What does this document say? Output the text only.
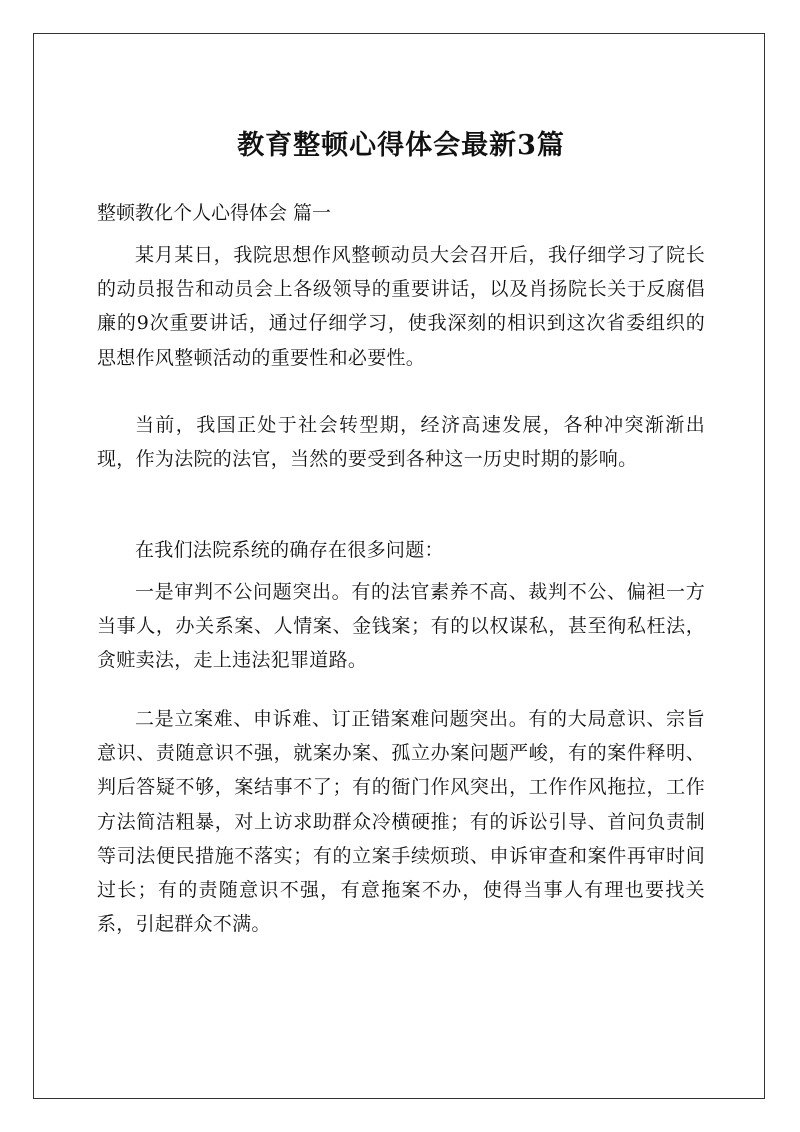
教育整顿心得体会最新3篇

整顿教化个人心得体会 篇一

某月某日，我院思想作风整顿动员大会召开后，我仔细学习了院长的动员报告和动员会上各级领导的重要讲话，以及肖扬院长关于反腐倡廉的9次重要讲话，通过仔细学习，使我深刻的相识到这次省委组织的思想作风整顿活动的重要性和必要性。

当前，我国正处于社会转型期，经济高速发展，各种冲突渐渐出现，作为法院的法官，当然的要受到各种这一历史时期的影响。

在我们法院系统的确存在很多问题：

一是审判不公问题突出。有的法官素养不高、裁判不公、偏袒一方当事人，办关系案、人情案、金钱案；有的以权谋私，甚至徇私枉法，贪赃卖法，走上违法犯罪道路。

二是立案难、申诉难、订正错案难问题突出。有的大局意识、宗旨意识、责随意识不强，就案办案、孤立办案问题严峻，有的案件释明、判后答疑不够，案结事不了；有的衙门作风突出，工作作风拖拉，工作方法简洁粗暴，对上访求助群众冷横硬推；有的诉讼引导、首问负责制等司法便民措施不落实；有的立案手续烦琐、申诉审查和案件再审时间过长；有的责随意识不强，有意拖案不办，使得当事人有理也要找关系，引起群众不满。
